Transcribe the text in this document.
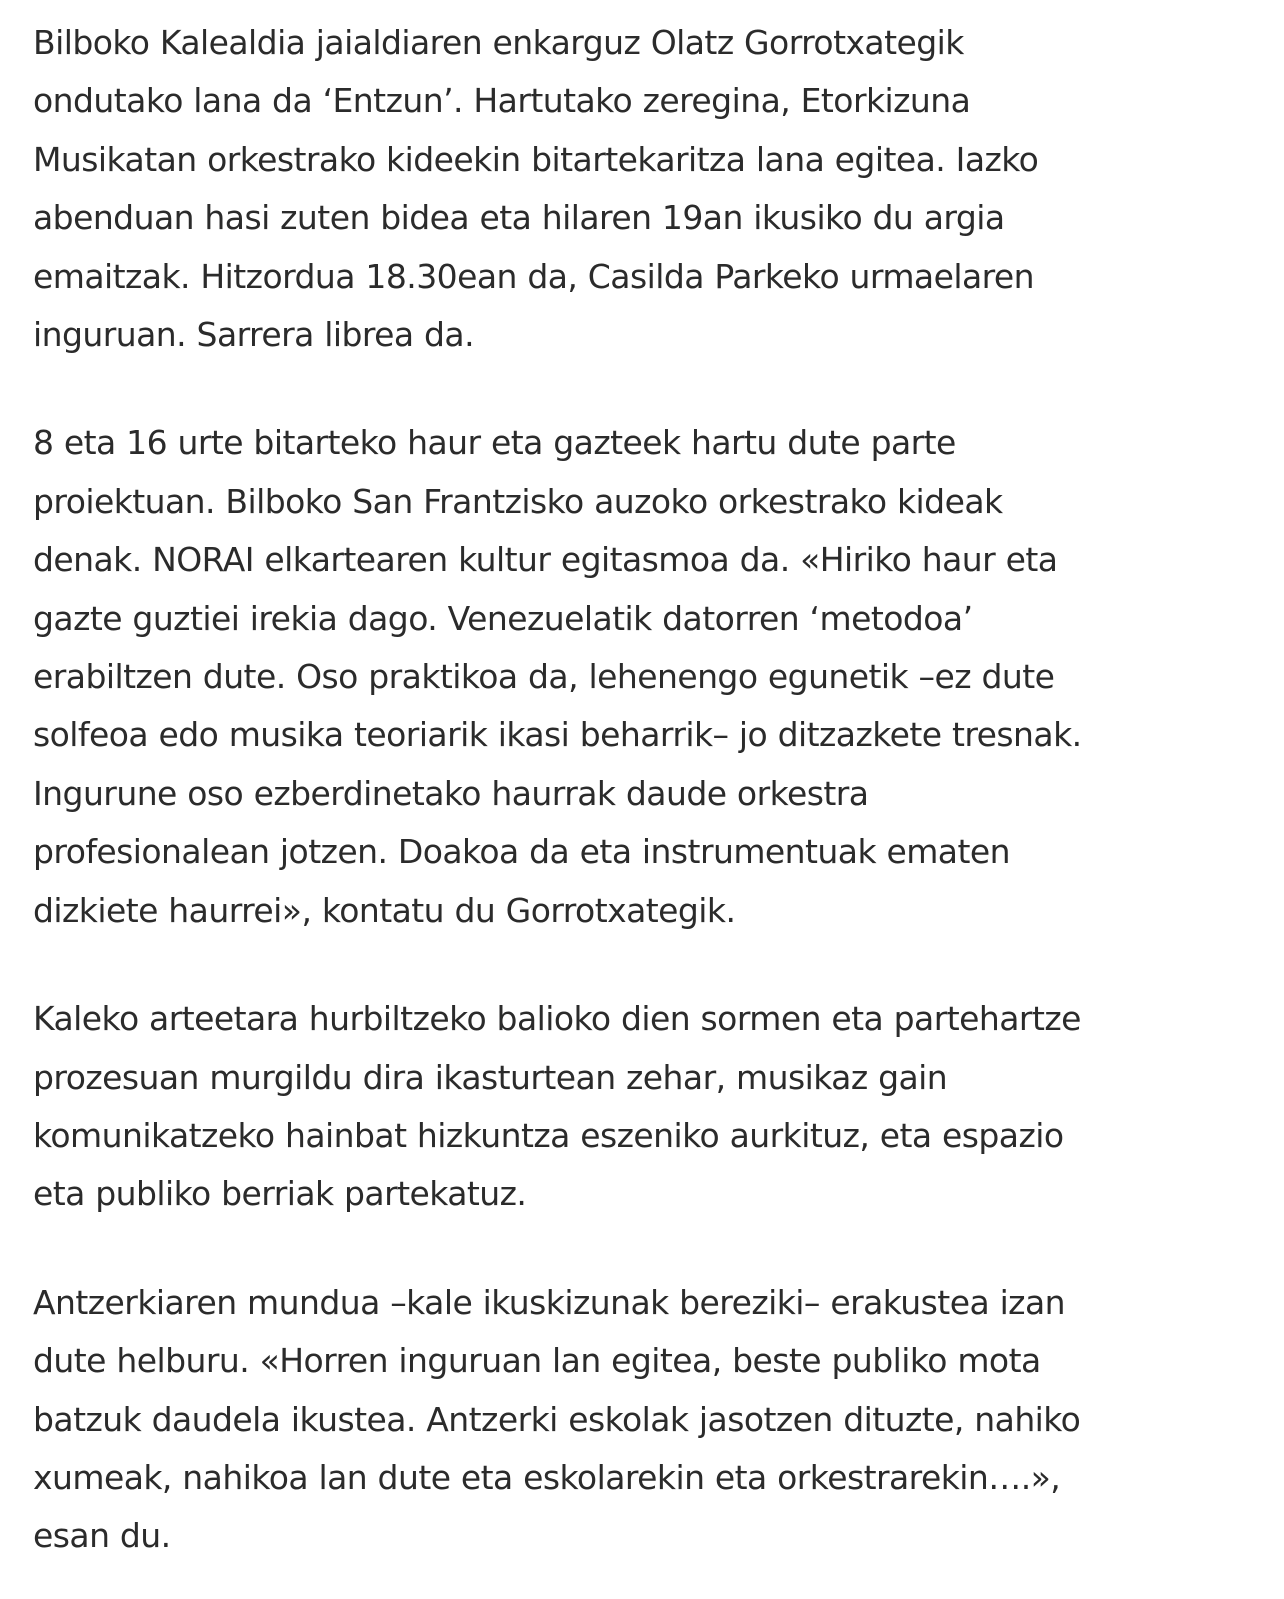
Bilboko Kalealdia jaialdiaren enkarguz Olatz Gorrotxategik
ondutako lana da ‘Entzun’. Hartutako zeregina, Etorkizuna
Musikatan orkestrako kideekin bitartekaritza lana egitea. Iazko
abenduan hasi zuten bidea eta hilaren 19an ikusiko du argia
emaitzak. Hitzordua 18.30ean da, Casilda Parkeko urmaelaren
inguruan. Sarrera librea da.

8 eta 16 urte bitarteko haur eta gazteek hartu dute parte
proiektuan. Bilboko San Frantzisko auzoko orkestrako kideak
denak. NORAI elkartearen kultur egitasmoa da. «Hiriko haur eta
gazte guztiei irekia dago. Venezuelatik datorren ‘metodoa’
erabiltzen dute. Oso praktikoa da, lehenengo egunetik –ez dute
solfeoa edo musika teoriarik ikasi beharrik– jo ditzazkete tresnak.
Ingurune oso ezberdinetako haurrak daude orkestra
profesionalean jotzen. Doakoa da eta instrumentuak ematen
dizkiete haurrei», kontatu du Gorrotxategik.

Kaleko arteetara hurbiltzeko balioko dien sormen eta partehartze
prozesuan murgildu dira ikasturtean zehar, musikaz gain
komunikatzeko hainbat hizkuntza eszeniko aurkituz, eta espazio
eta publiko berriak partekatuz.

Antzerkiaren mundua –kale ikuskizunak bereziki– erakustea izan
dute helburu. «Horren inguruan lan egitea, beste publiko mota
batzuk daudela ikustea. Antzerki eskolak jasotzen dituzte, nahiko
xumeak, nahikoa lan dute eta eskolarekin eta orkestrarekin….»,
esan du.
